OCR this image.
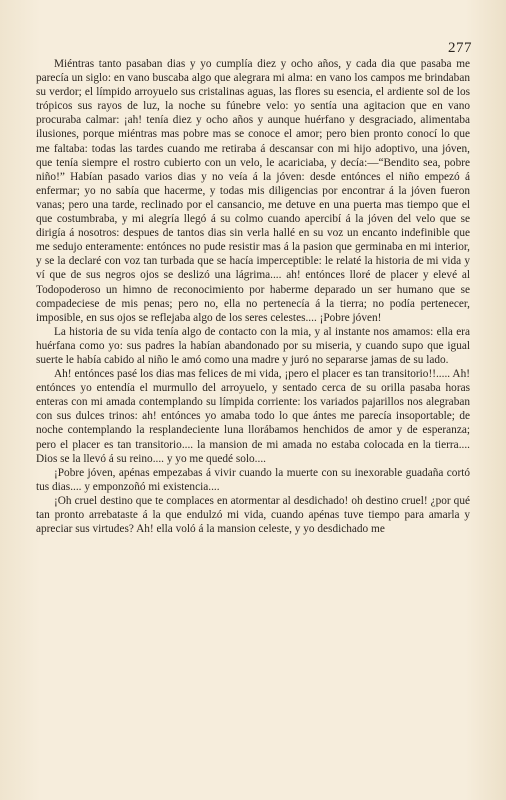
277

Miéntras tanto pasaban dias y yo cumplía diez y ocho años, y cada dia que pasaba me parecía un siglo: en vano buscaba algo que alegrara mi alma: en vano los campos me brindaban su verdor; el límpido arroyuelo sus cristalinas aguas, las flores su esencia, el ardiente sol de los trópicos sus rayos de luz, la noche su fúnebre velo: yo sentía una agitacion que en vano procuraba calmar: ¡ah! tenía diez y ocho años y aunque huérfano y desgraciado, alimentaba ilusiones, porque miéntras mas pobre mas se conoce el amor; pero bien pronto conocí lo que me faltaba: todas las tardes cuando me retiraba á descansar con mi hijo adoptivo, una jóven, que tenía siempre el rostro cubierto con un velo, le acariciaba, y decía:—“Bendito sea, pobre niño!” Habían pasado varios dias y no veía á la jóven: desde entónces el niño empezó á enfermar; yo no sabía que hacerme, y todas mis diligencias por encontrar á la jóven fueron vanas; pero una tarde, reclinado por el cansancio, me detuve en una puerta mas tiempo que el que costumbraba, y mi alegría llegó á su colmo cuando apercibí á la jóven del velo que se dirigía á nosotros: despues de tantos dias sin verla hallé en su voz un encanto indefinible que me sedujo enteramente: entónces no pude resistir mas á la pasion que germinaba en mi interior, y se la declaré con voz tan turbada que se hacía imperceptible: le relaté la historia de mi vida y ví que de sus negros ojos se deslizó una lágrima.... ah! entónces lloré de placer y elevé al Todopoderoso un himno de reconocimiento por haberme deparado un ser humano que se compadeciese de mis penas; pero no, ella no pertenecía á la tierra; no podía pertenecer, imposible, en sus ojos se reflejaba algo de los seres celestes.... ¡Pobre jóven!

La historia de su vida tenía algo de contacto con la mia, y al instante nos amamos: ella era huérfana como yo: sus padres la habían abandonado por su miseria, y cuando supo que igual suerte le había cabido al niño le amó como una madre y juró no separarse jamas de su lado.

Ah! entónces pasé los dias mas felices de mi vida, ¡pero el placer es tan transitorio!!..... Ah! entónces yo entendía el murmullo del arroyuelo, y sentado cerca de su orilla pasaba horas enteras con mi amada contemplando su límpida corriente: los variados pajarillos nos alegraban con sus dulces trinos: ah! entónces yo amaba todo lo que ántes me parecía insoportable; de noche contemplando la resplandeciente luna llorábamos henchidos de amor y de esperanza; pero el placer es tan transitorio.... la mansion de mi amada no estaba colocada en la tierra.... Dios se la llevó á su reino.... y yo me quedé solo....

¡Pobre jóven, apénas empezabas á vivir cuando la muerte con su inexorable guadaña cortó tus dias.... y emponzoñó mi existencia....

¡Oh cruel destino que te complaces en atormentar al desdichado! oh destino cruel! ¿por qué tan pronto arrebataste á la que endulzó mi vida, cuando apénas tuve tiempo para amarla y apreciar sus virtudes? Ah! ella voló á la mansion celeste, y yo desdichado me
